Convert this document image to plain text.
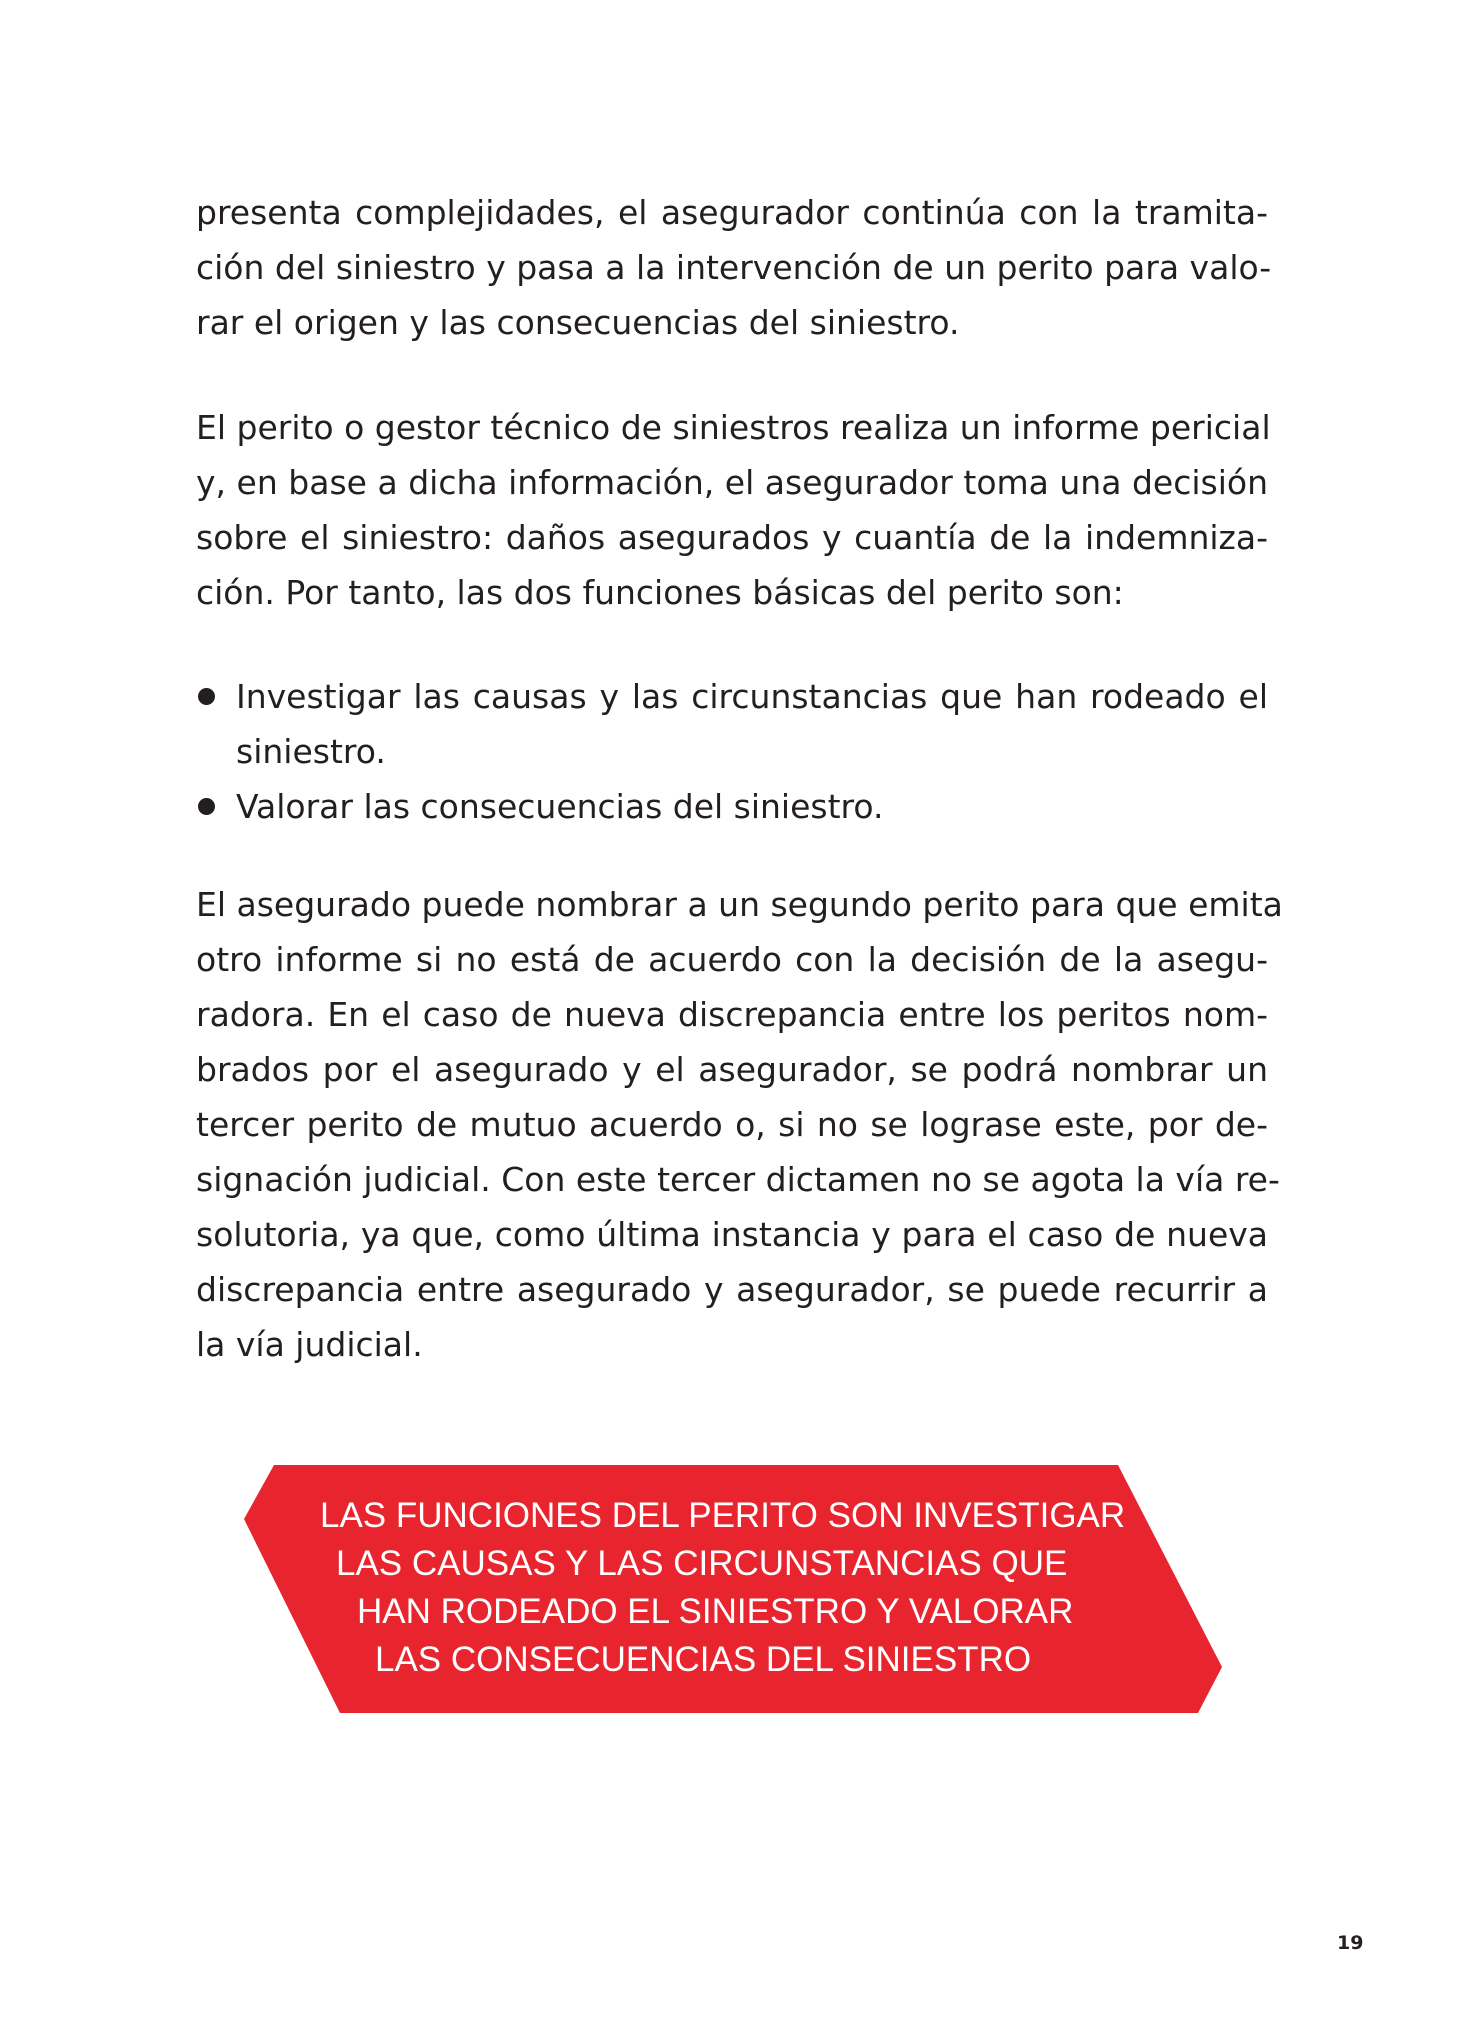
presenta complejidades, el asegurador continúa con la tramita-
ción del siniestro y pasa a la intervención de un perito para valo-
rar el origen y las consecuencias del siniestro.
El perito o gestor técnico de siniestros realiza un informe pericial
y, en base a dicha información, el asegurador toma una decisión
sobre el siniestro: daños asegurados y cuantía de la indemniza-
ción. Por tanto, las dos funciones básicas del perito son:
Investigar las causas y las circunstancias que han rodeado el
siniestro.
Valorar las consecuencias del siniestro.
El asegurado puede nombrar a un segundo perito para que emita
otro informe si no está de acuerdo con la decisión de la asegu-
radora. En el caso de nueva discrepancia entre los peritos nom-
brados por el asegurado y el asegurador, se podrá nombrar un
tercer perito de mutuo acuerdo o, si no se lograse este, por de-
signación judicial. Con este tercer dictamen no se agota la vía re-
solutoria, ya que, como última instancia y para el caso de nueva
discrepancia entre asegurado y asegurador, se puede recurrir a
la vía judicial.
LAS FUNCIONES DEL PERITO SON INVESTIGAR
LAS CAUSAS Y LAS CIRCUNSTANCIAS QUE
HAN RODEADO EL SINIESTRO Y VALORAR
LAS CONSECUENCIAS DEL SINIESTRO
19
